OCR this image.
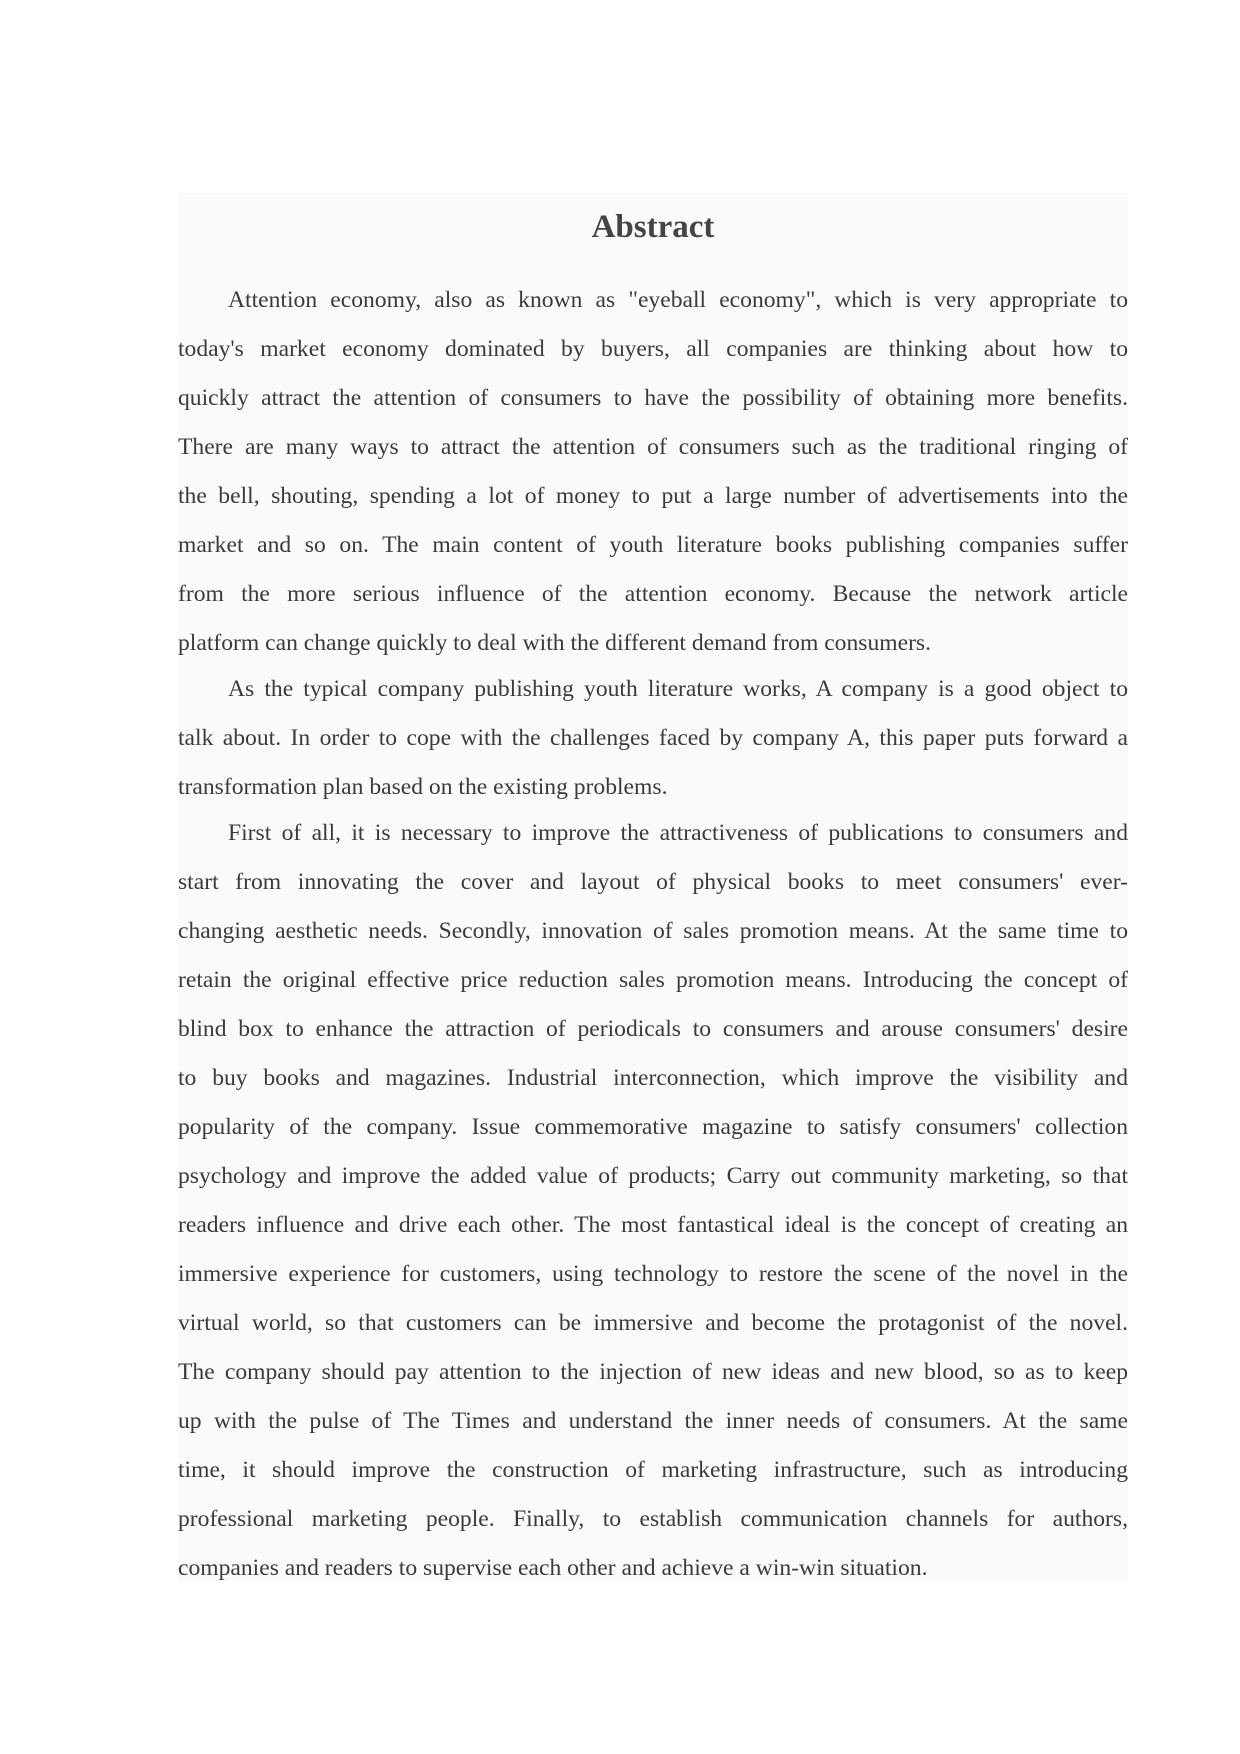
Abstract
Attention economy, also as known as "eyeball economy", which is very appropriate to
today's market economy dominated by buyers, all companies are thinking about how to
quickly attract the attention of consumers to have the possibility of obtaining more benefits.
There are many ways to attract the attention of consumers such as the traditional ringing of
the bell, shouting, spending a lot of money to put a large number of advertisements into the
market and so on. The main content of youth literature books publishing companies suffer
from the more serious influence of the attention economy. Because the network article
platform can change quickly to deal with the different demand from consumers.
As the typical company publishing youth literature works, A company is a good object to
talk about. In order to cope with the challenges faced by company A, this paper puts forward a
transformation plan based on the existing problems.
First of all, it is necessary to improve the attractiveness of publications to consumers and
start from innovating the cover and layout of physical books to meet consumers' ever-
changing aesthetic needs. Secondly, innovation of sales promotion means. At the same time to
retain the original effective price reduction sales promotion means. Introducing the concept of
blind box to enhance the attraction of periodicals to consumers and arouse consumers' desire
to buy books and magazines. Industrial interconnection, which improve the visibility and
popularity of the company. Issue commemorative magazine to satisfy consumers' collection
psychology and improve the added value of products; Carry out community marketing, so that
readers influence and drive each other. The most fantastical ideal is the concept of creating an
immersive experience for customers, using technology to restore the scene of the novel in the
virtual world, so that customers can be immersive and become the protagonist of the novel.
The company should pay attention to the injection of new ideas and new blood, so as to keep
up with the pulse of The Times and understand the inner needs of consumers. At the same
time, it should improve the construction of marketing infrastructure, such as introducing
professional marketing people. Finally, to establish communication channels for authors,
companies and readers to supervise each other and achieve a win-win situation.
